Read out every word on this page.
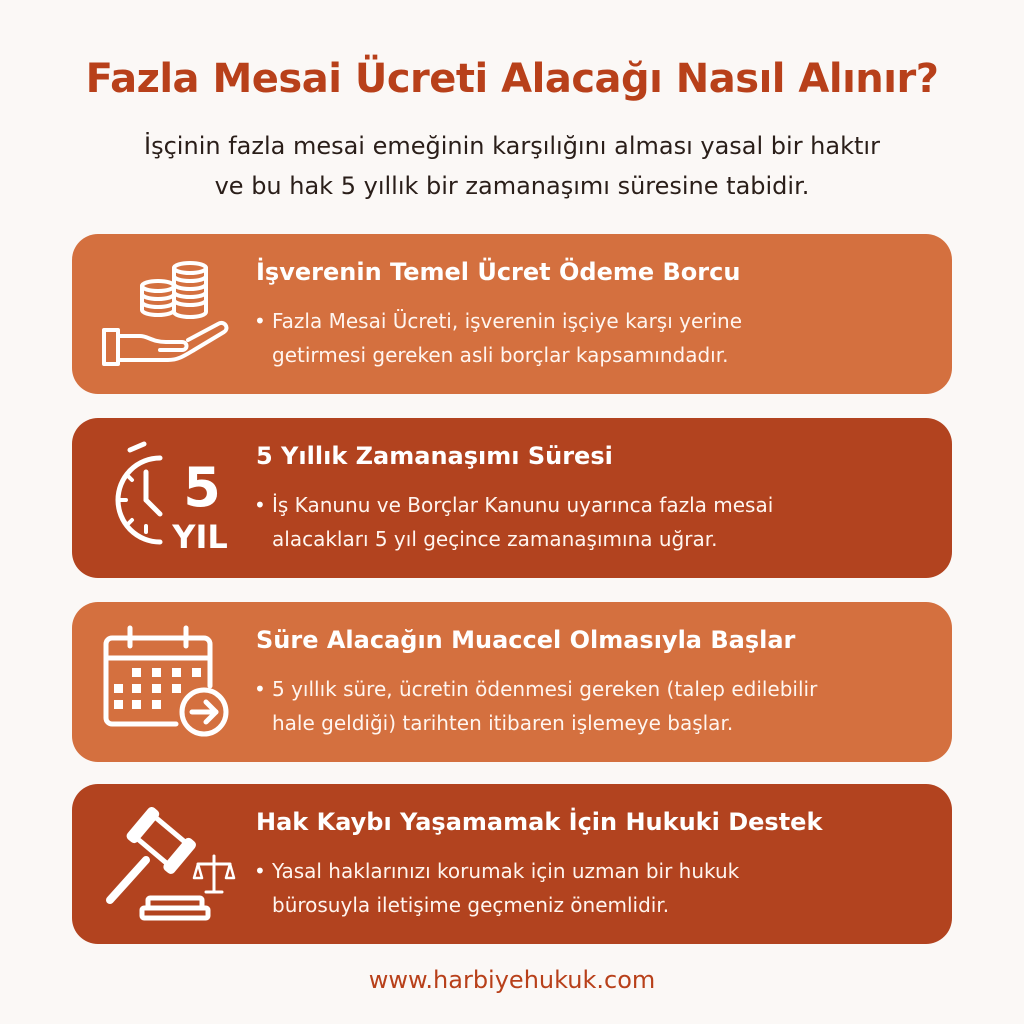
Fazla Mesai Ücreti Alacağı Nasıl Alınır?
İşçinin fazla mesai emeğinin karşılığını alması yasal bir haktır
ve bu hak 5 yıllık bir zamanaşımı süresine tabidir.
İşverenin Temel Ücret Ödeme Borcu
• Fazla Mesai Ücreti, işverenin işçiye karşı yerine
getirmesi gereken asli borçlar kapsamındadır.
5
YIL
5 Yıllık Zamanaşımı Süresi
• İş Kanunu ve Borçlar Kanunu uyarınca fazla mesai
alacakları 5 yıl geçince zamanaşımına uğrar.
Süre Alacağın Muaccel Olmasıyla Başlar
• 5 yıllık süre, ücretin ödenmesi gereken (talep edilebilir
hale geldiği) tarihten itibaren işlemeye başlar.
Hak Kaybı Yaşamamak İçin Hukuki Destek
• Yasal haklarınızı korumak için uzman bir hukuk
bürosuyla iletişime geçmeniz önemlidir.
www.harbiyehukuk.com
